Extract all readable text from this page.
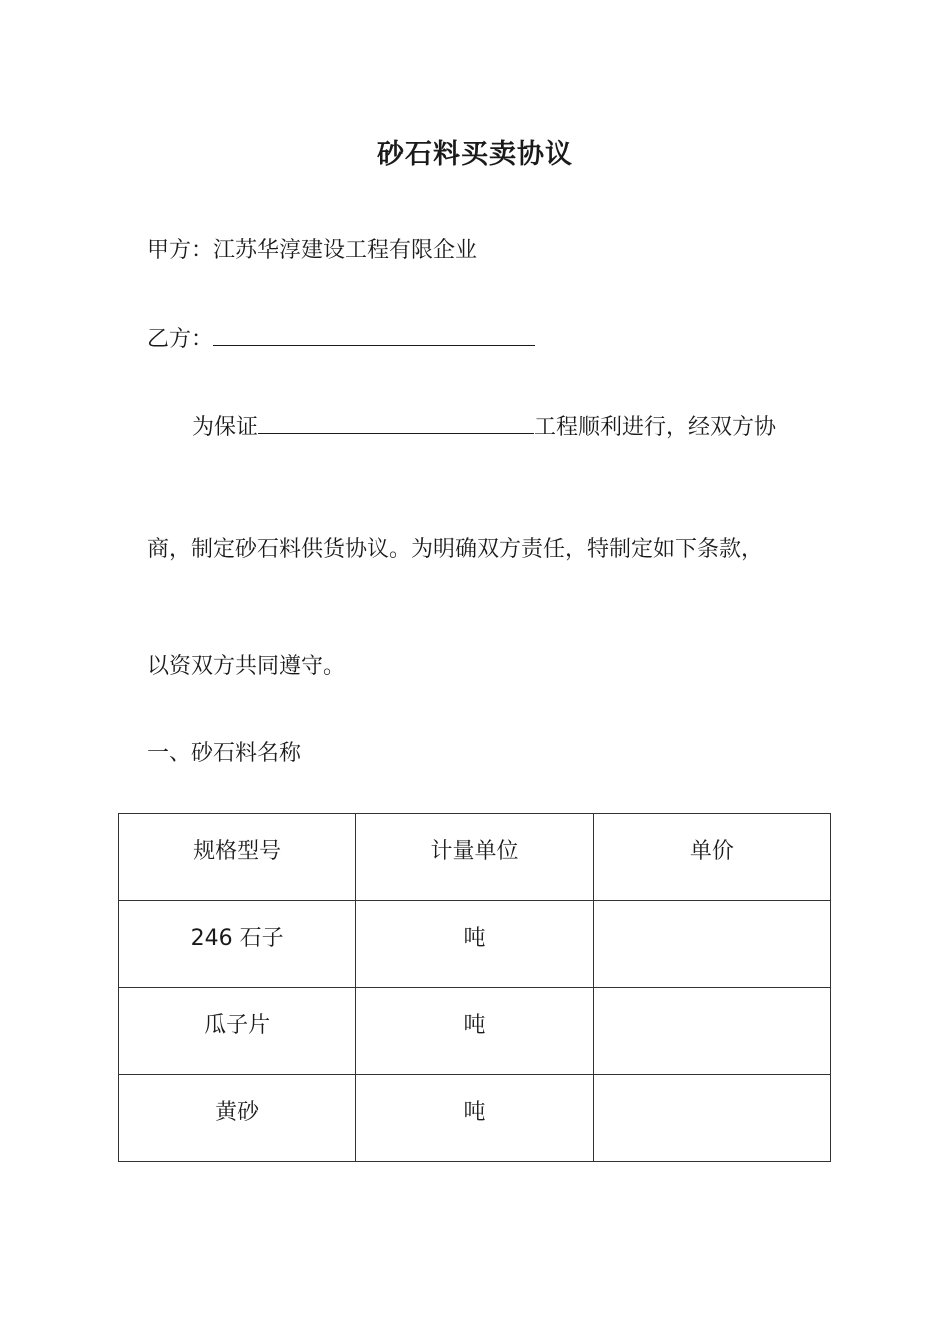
砂石料买卖协议
甲方：江苏华淳建设工程有限企业
乙方：
为保证	工程顺利进行，经双方协
商，制定砂石料供货协议。为明确双方责任，特制定如下条款，
以资双方共同遵守。
一、砂石料名称
规格型号	计量单位	单价
246 石子	吨	
瓜子片	吨	
黄砂	吨	
